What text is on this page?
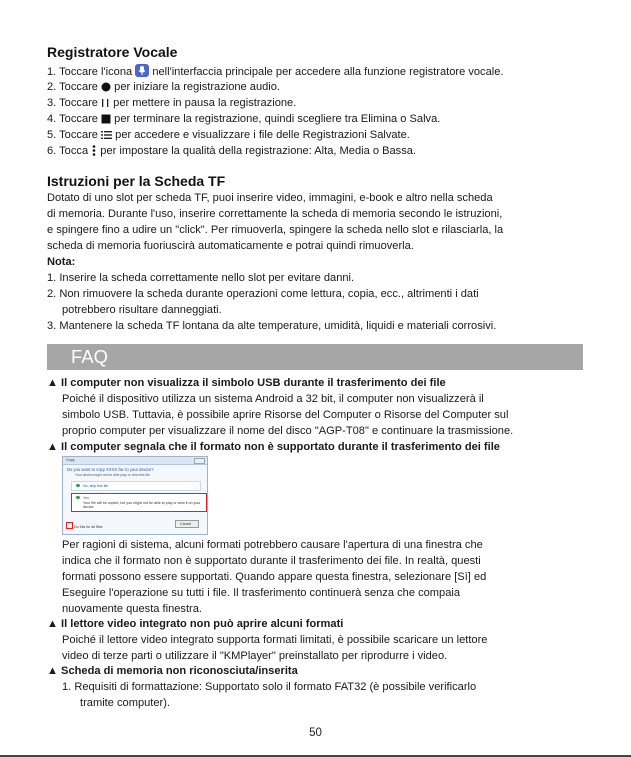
Registratore Vocale
1. Toccare l'icona  nell'interfaccia principale per accedere alla funzione registratore vocale.
2. Toccare  per iniziare la registrazione audio.
3. Toccare  per mettere in pausa la registrazione.
4. Toccare  per terminare la registrazione, quindi scegliere tra Elimina o Salva.
5. Toccare  per accedere e visualizzare i file delle Registrazioni Salvate.
6. Tocca  per impostare la qualità della registrazione: Alta, Media o Bassa.
Istruzioni per la Scheda TF
Dotato di uno slot per scheda TF, puoi inserire video, immagini, e-book e altro nella scheda
di memoria. Durante l'uso, inserire correttamente la scheda di memoria secondo le istruzioni,
e spingere fino a udire un "click". Per rimuoverla, spingere la scheda nello slot e rilasciarla, la
scheda di memoria fuoriuscirà automaticamente e potrai quindi rimuoverla.
Nota:
1. Inserire la scheda correttamente nello slot per evitare danni.
2. Non rimuovere la scheda durante operazioni come lettura, copia, ecc., altrimenti i dati
potrebbero risultare danneggiati.
3. Mantenere la scheda TF lontana da alte temperature, umidità, liquidi e materiali corrosivi.
FAQ
▲ Il computer non visualizza il simbolo USB durante il trasferimento dei file
Poiché il dispositivo utilizza un sistema Android a 32 bit, il computer non visualizzerà il
simbolo USB. Tuttavia, è possibile aprire Risorse del Computer o Risorse del Computer sul
proprio computer per visualizzare il nome del disco "AGP-T08" e continuare la trasmissione.
▲ Il computer segnala che il formato non è supportato durante il trasferimento dei file
Copy
Do you want to copy XXXX.fac to your device?
Your device might not be able play or view this file.
No, skip this file
Yes
Your file will be copied, but you might not be able to play or view it on your device.
Do this for all files
Cancel
Per ragioni di sistema, alcuni formati potrebbero causare l'apertura di una finestra che
indica che il formato non è supportato durante il trasferimento dei file. In realtà, questi
formati possono essere supportati. Quando appare questa finestra, selezionare [Sì] ed
Eseguire l'operazione su tutti i file. Il trasferimento continuerà senza che compaia
nuovamente questa finestra.
▲ Il lettore video integrato non può aprire alcuni formati
Poiché il lettore video integrato supporta formati limitati, è possibile scaricare un lettore
video di terze parti o utilizzare il "KMPlayer" preinstallato per riprodurre i video.
▲ Scheda di memoria non riconosciuta/inserita
1. Requisiti di formattazione: Supportato solo il formato FAT32 (è possibile verificarlo
tramite computer).
50
